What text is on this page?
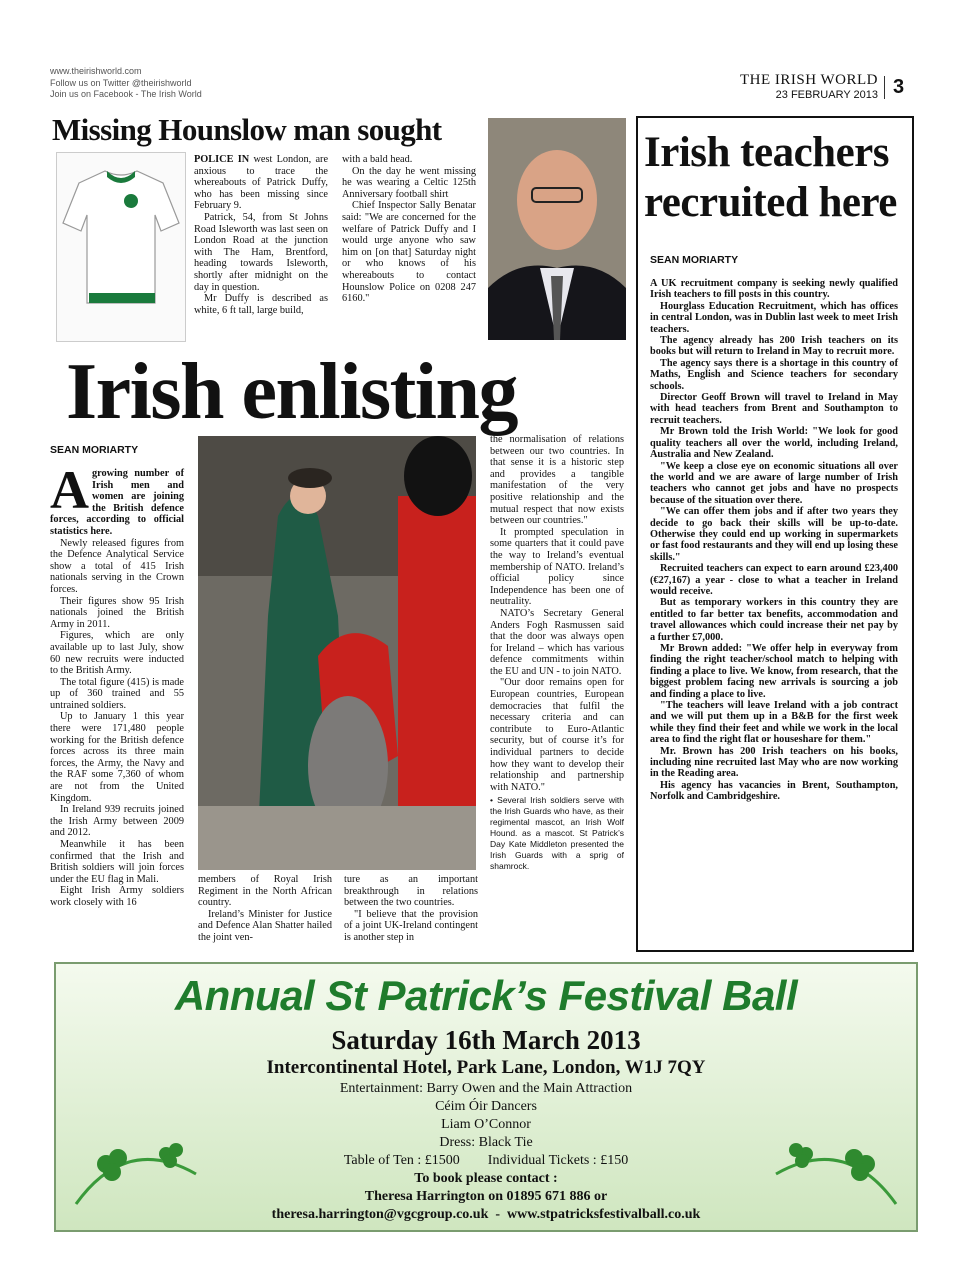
www.theirishworld.com
Follow us on Twitter @theirishworld
Join us on Facebook - The Irish World
THE IRISH WORLD
23 FEBRUARY 2013 3
Missing Hounslow man sought

POLICE IN west London, are anxious to trace the whereabouts of Patrick Duffy, who has been missing since February 9.

Patrick, 54, from St Johns Road Isleworth was last seen on London Road at the junction with The Ham, Brentford, heading towards Isleworth, shortly after midnight on the day in question.

Mr Duffy is described as white, 6 ft tall, large build,

with a bald head.

On the day he went missing he was wearing a Celtic 125th Anniversary football shirt

Chief Inspector Sally Benatar said: "We are concerned for the welfare of Patrick Duffy and I would urge anyone who saw him on [on that] Saturday night or who knows of his whereabouts to contact Hounslow Police on 0208 247 6160."

Irish enlisting
SEAN MORIARTY

Agrowing number of Irish men and women are joining the British defence forces, according to official statistics here.

Newly released figures from the Defence Analytical Service show a total of 415 Irish nationals serving in the Crown forces.

Their figures show 95 Irish nationals joined the British Army in 2011.

Figures, which are only available up to last July, show 60 new recruits were inducted to the British Army.

The total figure (415) is made up of 360 trained and 55 untrained soldiers.

Up to January 1 this year there were 171,480 people working for the British defence forces across its three main forces, the Army, the Navy and the RAF some 7,360 of whom are not from the United Kingdom.

In Ireland 939 recruits joined the Irish Army between 2009 and 2012.

Meanwhile it has been confirmed that the Irish and British soldiers will join forces under the EU flag in Mali.

Eight Irish Army soldiers work closely with 16

members of Royal Irish Regiment in the North African country.

Ireland’s Minister for Justice and Defence Alan Shatter hailed the joint ven-

ture as an important breakthrough in relations between the two countries.

"I believe that the provision of a joint UK-Ireland contingent is another step in

the normalisation of relations between our two countries. In that sense it is a historic step and provides a tangible manifestation of the very positive relationship and the mutual respect that now exists between our countries."

It prompted speculation in some quarters that it could pave the way to Ireland’s eventual membership of NATO. Ireland’s official policy since Independence has been one of neutrality.

NATO’s Secretary General Anders Fogh Rasmussen said that the door was always open for Ireland – which has various defence commitments within the EU and UN - to join NATO.

"Our door remains open for European countries, European democracies that fulfil the necessary criteria and can contribute to Euro-Atlantic security, but of course it’s for individual partners to decide how they want to develop their relationship and partnership with NATO."

• Several Irish soldiers serve with the Irish Guards who have, as their regimental mascot, an Irish Wolf Hound. as a mascot. St Patrick’s Day Kate Middleton presented the Irish Guards with a sprig of shamrock.
Irish teachers recruited here
SEAN MORIARTY

A UK recruitment company is seeking newly qualified Irish teachers to fill posts in this country.

Hourglass Education Recruitment, which has offices in central London, was in Dublin last week to meet Irish teachers.

The agency already has 200 Irish teachers on its books but will return to Ireland in May to recruit more.

The agency says there is a shortage in this country of Maths, English and Science teachers for secondary schools.

Director Geoff Brown will travel to Ireland in May with head teachers from Brent and Southampton to recruit teachers.

Mr Brown told the Irish World: "We look for good quality teachers all over the world, including Ireland, Australia and New Zealand.

"We keep a close eye on economic situations all over the world and we are aware of large number of Irish teachers who cannot get jobs and have no prospects because of the situation over there.

"We can offer them jobs and if after two years they decide to go back their skills will be up-to-date. Otherwise they could end up working in supermarkets or fast food restaurants and they will end up losing these skills."

Recruited teachers can expect to earn around £23,400 (€27,167) a year - close to what a teacher in Ireland would receive.

But as temporary workers in this country they are entitled to far better tax benefits, accommodation and travel allowances which could increase their net pay by a further £7,000.

Mr Brown added: "We offer help in everyway from finding the right teacher/school match to helping with finding a place to live. We know, from research, that the biggest problem facing new arrivals is sourcing a job and finding a place to live.

"The teachers will leave Ireland with a job contract and we will put them up in a B&B for the first week while they find their feet and while we work in the local area to find the right flat or houseshare for them."

Mr. Brown has 200 Irish teachers on his books, including nine recruited last May who are now working in the Reading area.

His agency has vacancies in Brent, Southampton, Norfolk and Cambridgeshire.

Annual St Patrick’s Festival Ball
Saturday 16th March 2013
Intercontinental Hotel, Park Lane, London, W1J 7QY
Entertainment: Barry Owen and the Main Attraction
Céim Óir Dancers
Liam O’Connor
Dress: Black Tie
Table of Ten : £1500        Individual Tickets : £150
To book please contact :
Theresa Harrington on 01895 671 886 or
theresa.harrington@vgcgroup.co.uk  -  www.stpatricksfestivalball.co.uk
